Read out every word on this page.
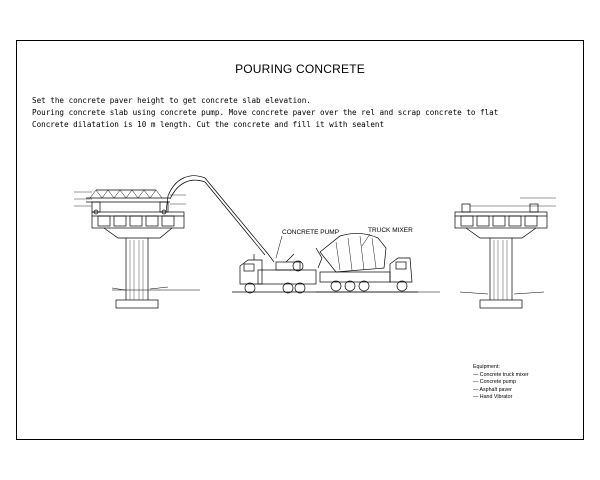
POURING CONCRETE
Set the concrete paver height to get concrete slab elevation.
Pouring concrete slab using concrete pump. Move concrete paver over the rel and scrap concrete to flat
Concrete dilatation is 10 m length. Cut the concrete and fill it with sealent
CONCRETE PUMP	TRUCK MIXER
Equipment:
— Concrete truck mixer
— Concrete pump
— Asphalt paver
— Hand Vibrator
